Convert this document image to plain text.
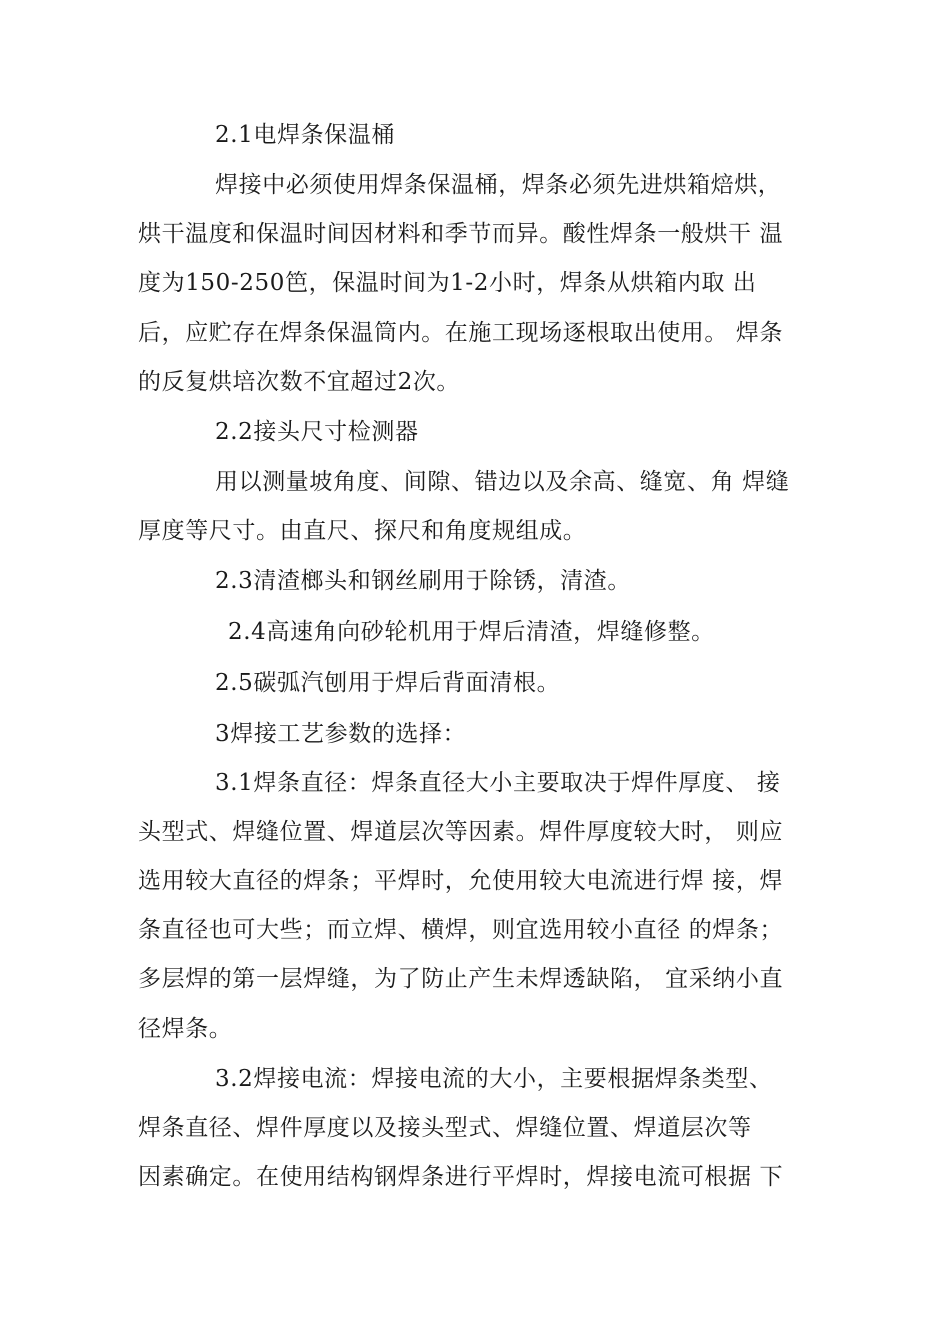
2.1电焊条保温桶
焊接中必须使用焊条保温桶，焊条必须先进烘箱焙烘，
烘干温度和保温时间因材料和季节而异。酸性焊条一般烘干 温
度为150-250笆，保温时间为1-2小时，焊条从烘箱内取 出
后，应贮存在焊条保温筒内。在施工现场逐根取出使用。 焊条
的反复烘培次数不宜超过2次。
2.2接头尺寸检测器
用以测量坡角度、间隙、错边以及余高、缝宽、角 焊缝
厚度等尺寸。由直尺、探尺和角度规组成。
2.3清渣榔头和钢丝刷用于除锈，清渣。
2.4高速角向砂轮机用于焊后清渣，焊缝修整。
2.5碳弧汽刨用于焊后背面清根。
3焊接工艺参数的选择：
3.1焊条直径：焊条直径大小主要取决于焊件厚度、 接
头型式、焊缝位置、焊道层次等因素。焊件厚度较大时， 则应
选用较大直径的焊条；平焊时，允使用较大电流进行焊 接，焊
条直径也可大些；而立焊、横焊，则宜选用较小直径 的焊条；
多层焊的第一层焊缝，为了防止产生未焊透缺陷， 宜采纳小直
径焊条。
3.2焊接电流：焊接电流的大小，主要根据焊条类型、
焊条直径、焊件厚度以及接头型式、焊缝位置、焊道层次等
因素确定。在使用结构钢焊条进行平焊时，焊接电流可根据 下
